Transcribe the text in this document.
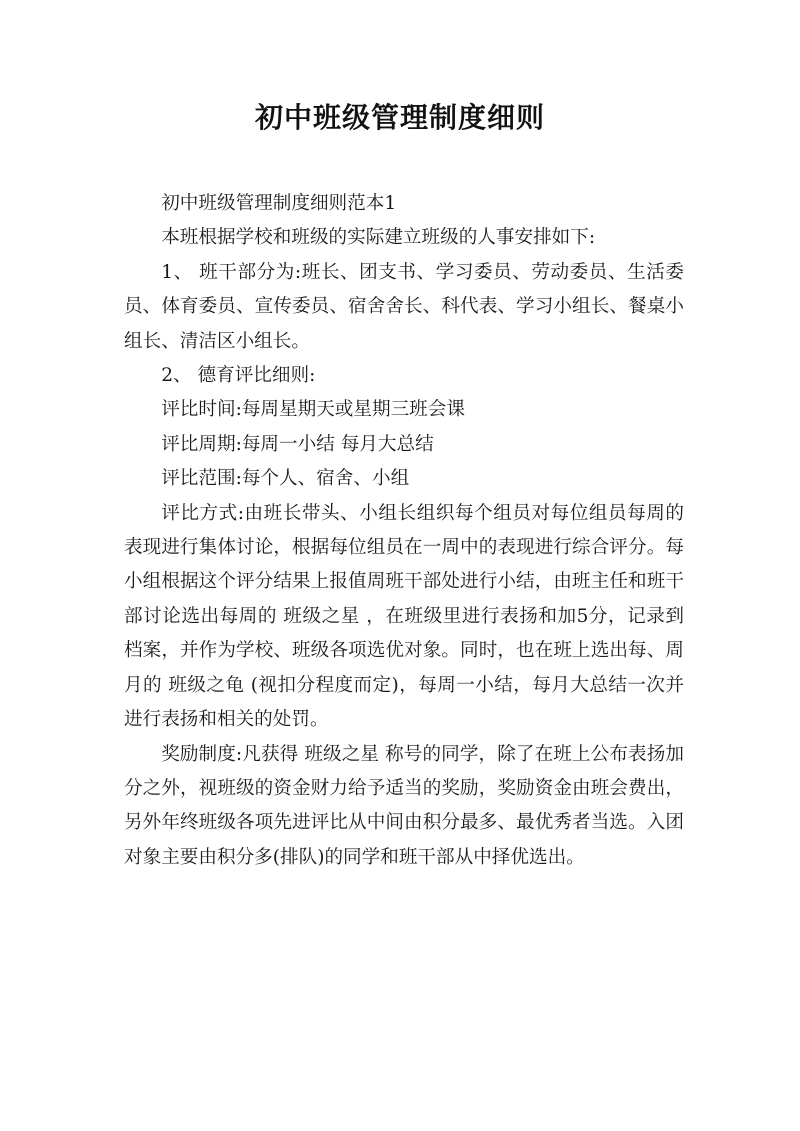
初中班级管理制度细则

初中班级管理制度细则范本1

本班根据学校和班级的实际建立班级的人事安排如下:

1、 班干部分为:班长、团支书、学习委员、劳动委员、生活委员、体育委员、宣传委员、宿舍舍长、科代表、学习小组长、餐桌小组长、清洁区小组长。

2、 德育评比细则:

评比时间:每周星期天或星期三班会课

评比周期:每周一小结 每月大总结

评比范围:每个人、宿舍、小组

评比方式:由班长带头、小组长组织每个组员对每位组员每周的表现进行集体讨论，根据每位组员在一周中的表现进行综合评分。每小组根据这个评分结果上报值周班干部处进行小结，由班主任和班干部讨论选出每周的 班级之星 ，在班级里进行表扬和加5分，记录到档案，并作为学校、班级各项选优对象。同时，也在班上选出每、周月的 班级之龟 (视扣分程度而定)，每周一小结，每月大总结一次并进行表扬和相关的处罚。

奖励制度:凡获得 班级之星 称号的同学，除了在班上公布表扬加分之外，视班级的资金财力给予适当的奖励，奖励资金由班会费出，另外年终班级各项先进评比从中间由积分最多、最优秀者当选。入团对象主要由积分多(排队)的同学和班干部从中择优选出。
